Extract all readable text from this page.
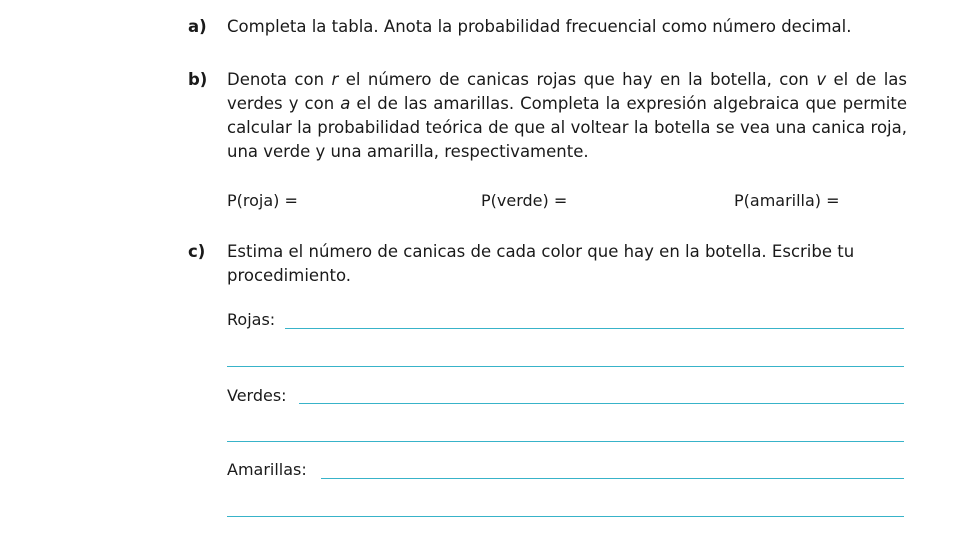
a) Completa la tabla. Anota la probabilidad frecuencial como número decimal.
b) Denota con r el número de canicas rojas que hay en la botella, con v el de las verdes y con a el de las amarillas. Completa la expresión algebraica que permite calcular la probabilidad teórica de que al voltear la botella se vea una canica roja, una verde y una amarilla, respectivamente.
P(roja) =	P(verde) =	P(amarilla) =
c) Estima el número de canicas de cada color que hay en la botella. Escribe tu procedimiento.
Rojas:
Verdes:
Amarillas:
